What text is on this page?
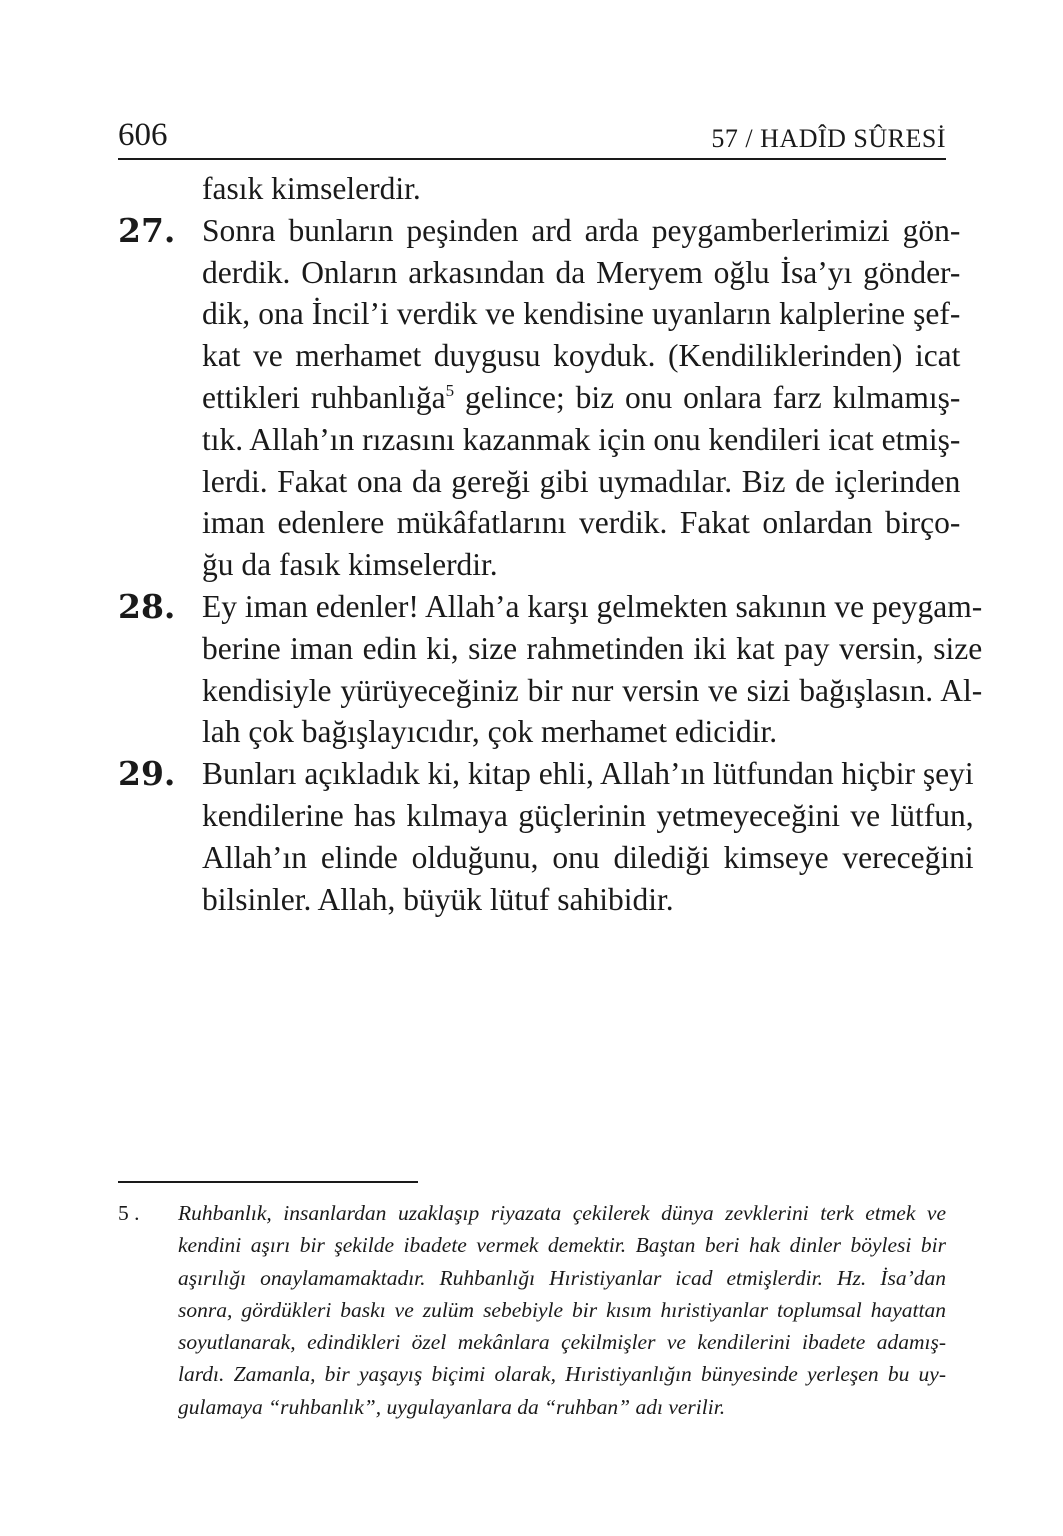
606	57 / HADÎD SÛRESİ
fasık kimselerdir.
27. Sonra bunların peşinden ard arda peygamberlerimizi gön-
derdik. Onların arkasından da Meryem oğlu İsa’yı gönder-
dik, ona İncil’i verdik ve kendisine uyanların kalplerine şef-
kat ve merhamet duygusu koyduk. (Kendiliklerinden) icat
ettikleri ruhbanlığa$^5$ gelince; biz onu onlara farz kılmamış-
tık. Allah’ın rızasını kazanmak için onu kendileri icat etmiş-
lerdi. Fakat ona da gereği gibi uymadılar. Biz de içlerinden
iman edenlere mükâfatlarını verdik. Fakat onlardan birço-
ğu da fasık kimselerdir.
28. Ey iman edenler! Allah’a karşı gelmekten sakının ve peygam-
berine iman edin ki, size rahmetinden iki kat pay versin, size
kendisiyle yürüyeceğiniz bir nur versin ve sizi bağışlasın. Al-
lah çok bağışlayıcıdır, çok merhamet edicidir.
29. Bunları açıkladık ki, kitap ehli, Allah’ın lütfundan hiçbir şeyi
kendilerine has kılmaya güçlerinin yetmeyeceğini ve lütfun,
Allah’ın elinde olduğunu, onu dilediği kimseye vereceğini
bilsinler. Allah, büyük lütuf sahibidir.
5 .	Ruhbanlık, insanlardan uzaklaşıp riyazata çekilerek dünya zevklerini terk etmek ve
kendini aşırı bir şekilde ibadete vermek demektir. Baştan beri hak dinler böylesi bir
aşırılığı onaylamamaktadır. Ruhbanlığı Hıristiyanlar icad etmişlerdir. Hz. İsa’dan
sonra, gördükleri baskı ve zulüm sebebiyle bir kısım hıristiyanlar toplumsal hayattan
soyutlanarak, edindikleri özel mekânlara çekilmişler ve kendilerini ibadete adamış-
lardı. Zamanla, bir yaşayış biçimi olarak, Hıristiyanlığın bünyesinde yerleşen bu uy-
gulamaya “ruhbanlık”, uygulayanlara da “ruhban” adı verilir.
